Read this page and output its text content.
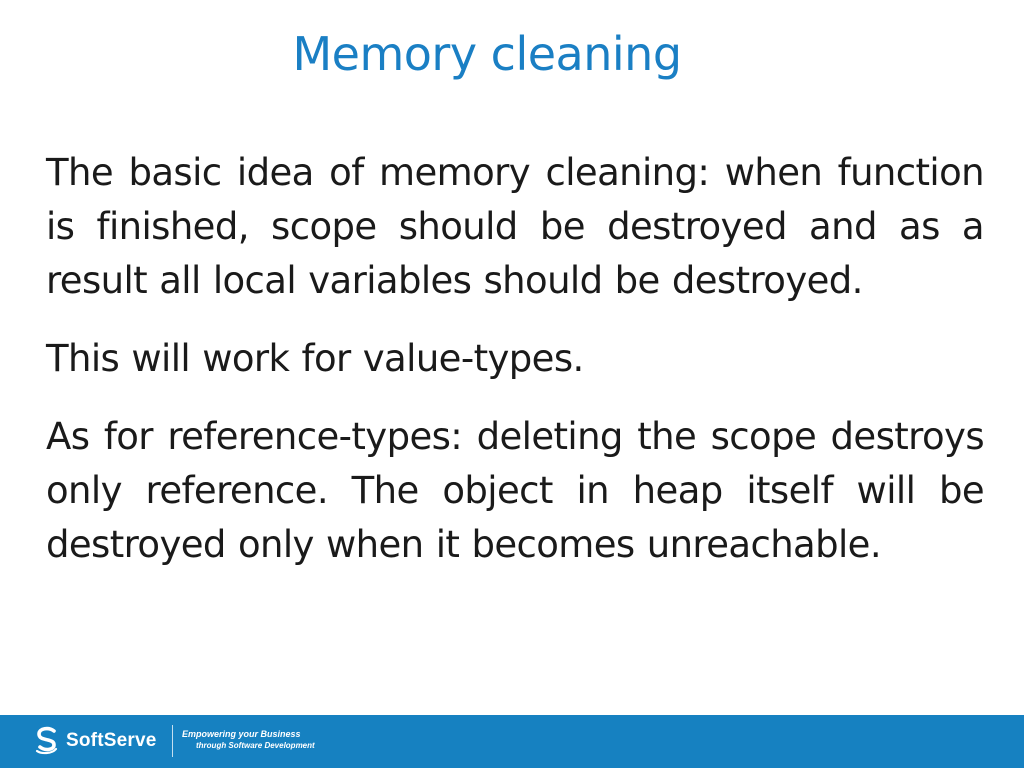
Memory cleaning

The basic idea of memory cleaning: when function is finished, scope should be destroyed and as a result all local variables should be destroyed.

This will work for value-types.

As for reference-types: deleting the scope destroys only reference. The object in heap itself will be destroyed only when it becomes unreachable.

SoftServe	Empowering your Business
through Software Development
